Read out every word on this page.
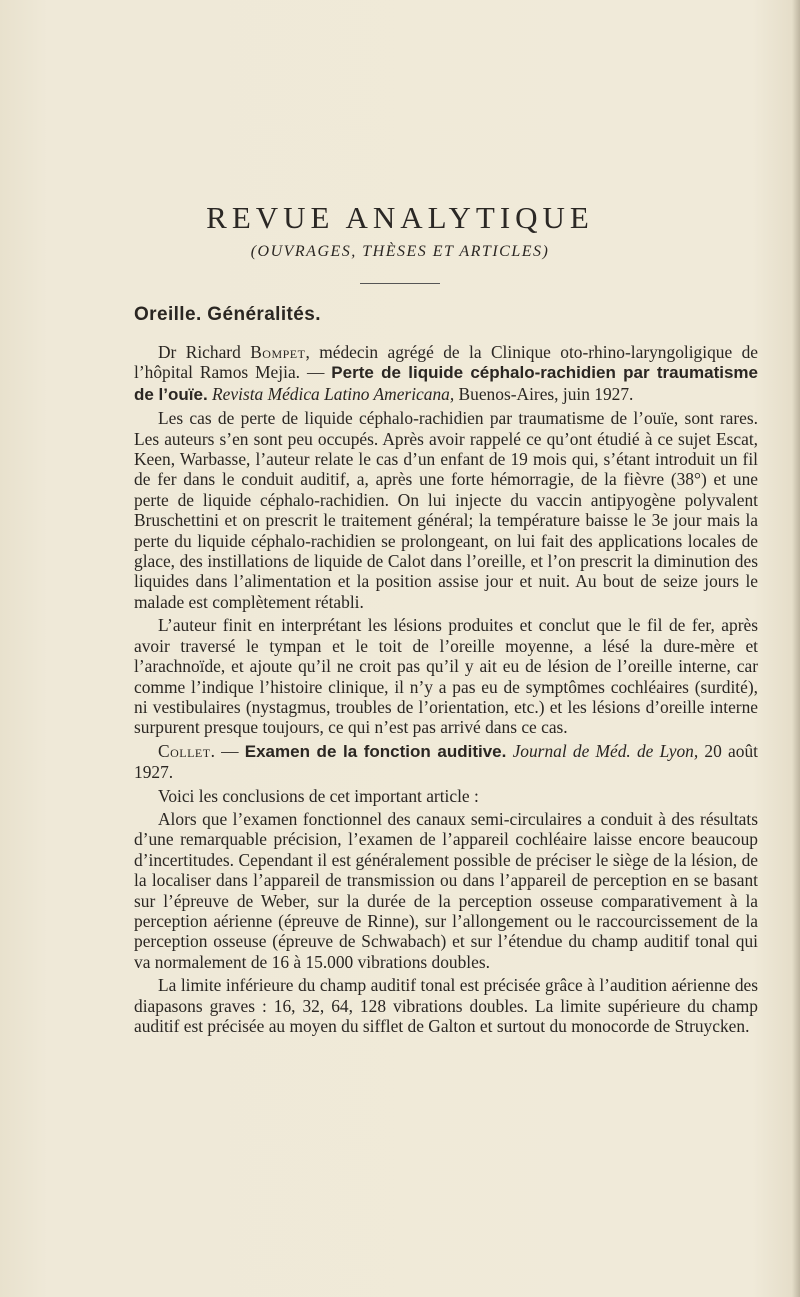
REVUE ANALYTIQUE
(OUVRAGES, THÈSES ET ARTICLES)
Oreille. Généralités.

Dr Richard Bompet, médecin agrégé de la Clinique oto-rhino-laryngoligique de l’hôpital Ramos Mejia. — Perte de liquide céphalo-rachidien par traumatisme de l’ouïe. Revista Médica Latino Americana, Buenos-Aires, juin 1927.

Les cas de perte de liquide céphalo-rachidien par traumatisme de l’ouïe, sont rares. Les auteurs s’en sont peu occupés. Après avoir rappelé ce qu’ont étudié à ce sujet Escat, Keen, Warbasse, l’auteur relate le cas d’un enfant de 19 mois qui, s’étant introduit un fil de fer dans le conduit auditif, a, après une forte hémorragie, de la fièvre (38°) et une perte de liquide céphalo-rachidien. On lui injecte du vaccin antipyogène polyvalent Bruschettini et on prescrit le traitement général; la température baisse le 3e jour mais la perte du liquide céphalo-rachidien se prolongeant, on lui fait des applications locales de glace, des instillations de liquide de Calot dans l’oreille, et l’on prescrit la diminution des liquides dans l’alimentation et la position assise jour et nuit. Au bout de seize jours le malade est complètement rétabli.

L’auteur finit en interprétant les lésions produites et conclut que le fil de fer, après avoir traversé le tympan et le toit de l’oreille moyenne, a lésé la dure-mère et l’arachnoïde, et ajoute qu’il ne croit pas qu’il y ait eu de lésion de l’oreille interne, car comme l’indique l’histoire clinique, il n’y a pas eu de symptômes cochléaires (surdité), ni vestibulaires (nystagmus, troubles de l’orientation, etc.) et les lésions d’oreille interne surpurent presque toujours, ce qui n’est pas arrivé dans ce cas.

Collet. — Examen de la fonction auditive. Journal de Méd. de Lyon, 20 août 1927.

Voici les conclusions de cet important article :

Alors que l’examen fonctionnel des canaux semi-circulaires a conduit à des résultats d’une remarquable précision, l’examen de l’appareil cochléaire laisse encore beaucoup d’incertitudes. Cependant il est généralement possible de préciser le siège de la lésion, de la localiser dans l’appareil de transmission ou dans l’appareil de perception en se basant sur l’épreuve de Weber, sur la durée de la perception osseuse comparativement à la perception aérienne (épreuve de Rinne), sur l’allongement ou le raccourcissement de la perception osseuse (épreuve de Schwabach) et sur l’étendue du champ auditif tonal qui va normalement de 16 à 15.000 vibrations doubles.

La limite inférieure du champ auditif tonal est précisée grâce à l’audition aérienne des diapasons graves : 16, 32, 64, 128 vibrations doubles. La limite supérieure du champ auditif est précisée au moyen du sifflet de Galton et surtout du monocorde de Struycken.
